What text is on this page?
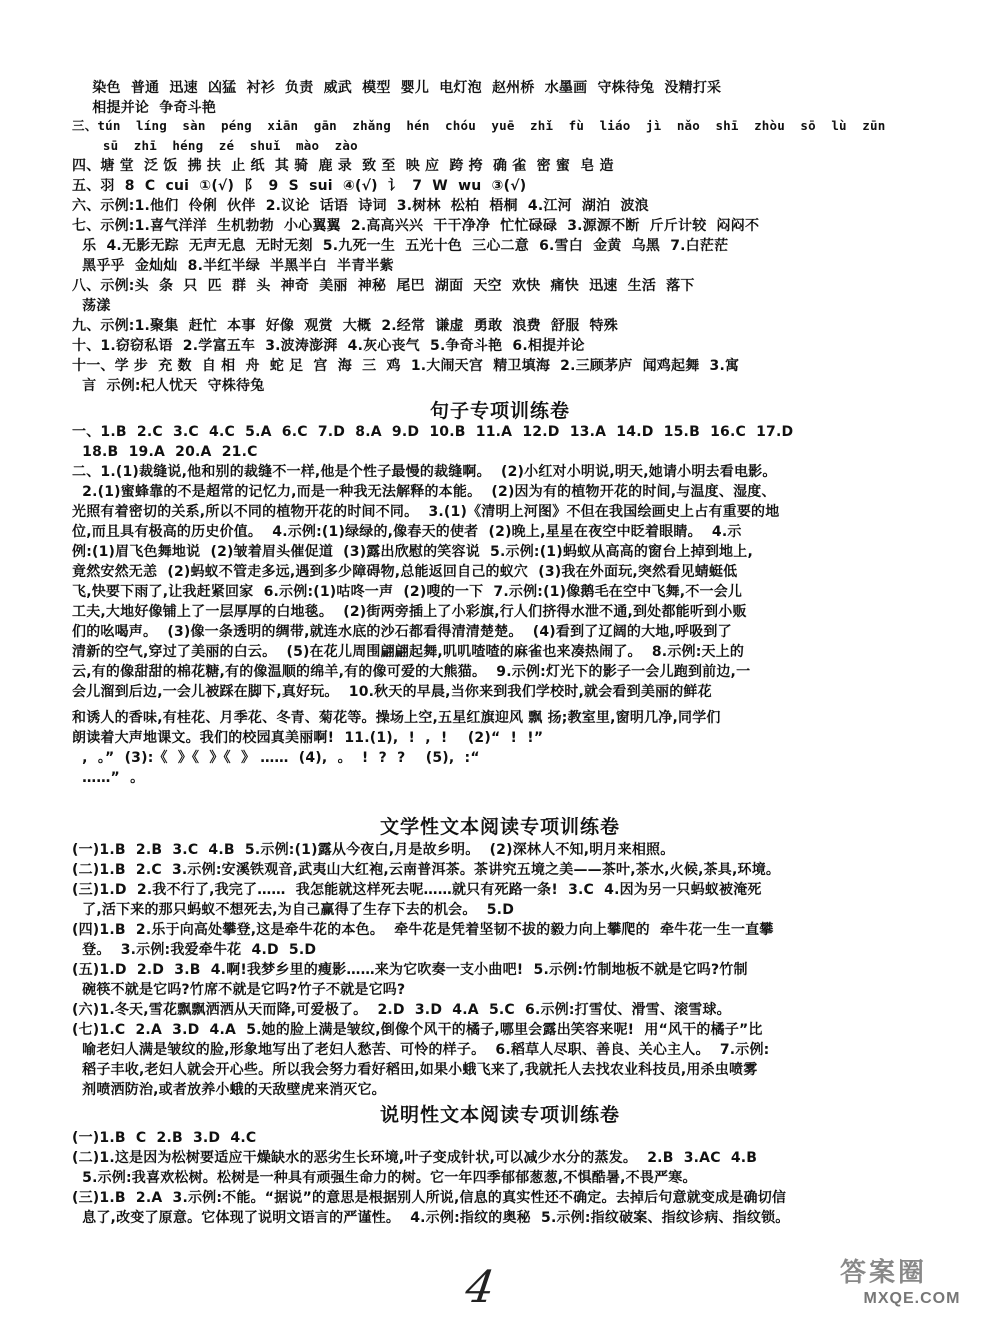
染色  普通  迅速  凶猛  衬衫  负责  威武  模型  婴儿  电灯泡  赵州桥  水墨画  守株待兔  没精打采
相提并论  争奇斗艳
三、tún  líng  sàn  péng  xiān  gān  zhǎng  hén  chóu  yuē  zhǐ  fù  liáo  jì  nǎo  shī  zhòu  sō  lù  zūn
sū  zhī  héng  zé  shuǐ  mào  zào
四、塘 堂  泛 饭  拂 扶  止 纸  其 骑  鹿 录  致 至  映 应  跨 挎  确 雀  密 蜜  皂 造
五、羽  8  C  cui  ①(√)  阝  9  S  sui  ④(√)  讠  7  W  wu  ③(√)
六、示例:1.他们  伶俐  伙伴  2.议论  话语  诗词  3.树林  松柏  梧桐  4.江河  湖泊  波浪
七、示例:1.喜气洋洋  生机勃勃  小心翼翼  2.高高兴兴  干干净净  忙忙碌碌  3.源源不断  斤斤计较  闷闷不
乐  4.无影无踪  无声无息  无时无刻  5.九死一生  五光十色  三心二意  6.雪白  金黄  乌黑  7.白茫茫
黑乎乎  金灿灿  8.半红半绿  半黑半白  半青半紫
八、示例:头  条  只  匹  群  头  神奇  美丽  神秘  尾巴  湖面  天空  欢快  痛快  迅速  生活  落下
荡漾
九、示例:1.聚集  赶忙  本事  好像  观赏  大概  2.经常  谦虚  勇敢  浪费  舒服  特殊
十、1.窃窃私语  2.学富五车  3.波涛澎湃  4.灰心丧气  5.争奇斗艳  6.相提并论
十一、学 步  充 数  自 相  舟  蛇 足  宫  海  三  鸡  1.大闹天宫  精卫填海  2.三顾茅庐  闻鸡起舞  3.寓
言  示例:杞人忧天  守株待兔
一、1.B  2.C  3.C  4.C  5.A  6.C  7.D  8.A  9.D  10.B  11.A  12.D  13.A  14.D  15.B  16.C  17.D
18.B  19.A  20.A  21.C
二、1.(1)裁缝说,他和别的裁缝不一样,他是个性子最慢的裁缝啊。  (2)小红对小明说,明天,她请小明去看电影。
2.(1)蜜蜂靠的不是超常的记忆力,而是一种我无法解释的本能。  (2)因为有的植物开花的时间,与温度、湿度、
光照有着密切的关系,所以不同的植物开花的时间不同。  3.(1)《清明上河图》不但在我国绘画史上占有重要的地
位,而且具有极高的历史价值。  4.示例:(1)绿绿的,像春天的使者  (2)晚上,星星在夜空中眨着眼睛。  4.示
例:(1)眉飞色舞地说  (2)皱着眉头催促道  (3)露出欣慰的笑容说  5.示例:(1)蚂蚁从高高的窗台上掉到地上,
竟然安然无恙  (2)蚂蚁不管走多远,遇到多少障碍物,总能返回自己的蚁穴  (3)我在外面玩,突然看见蜻蜓低
飞,快要下雨了,让我赶紧回家  6.示例:(1)咕咚一声  (2)嗖的一下  7.示例:(1)像鹅毛在空中飞舞,不一会儿
工夫,大地好像铺上了一层厚厚的白地毯。  (2)街两旁插上了小彩旗,行人们挤得水泄不通,到处都能听到小贩
们的吆喝声。  (3)像一条透明的绸带,就连水底的沙石都看得清清楚楚。  (4)看到了辽阔的大地,呼吸到了
清新的空气,穿过了美丽的白云。  (5)在花儿周围翩翩起舞,叽叽喳喳的麻雀也来凑热闹了。  8.示例:天上的
云,有的像甜甜的棉花糖,有的像温顺的绵羊,有的像可爱的大熊猫。  9.示例:灯光下的影子一会儿跑到前边,一
会儿溜到后边,一会儿被踩在脚下,真好玩。  10.秋天的早晨,当你来到我们学校时,就会看到美丽的鲜花
和诱人的香味,有桂花、月季花、冬青、菊花等。操场上空,五星红旗迎风 飘 扬;教室里,窗明几净,同学们
朗读着大声地课文。我们的校园真美丽啊!  11.(1),  !  ,  !    (2)“  !  !”
,  。”  (3):《  》《  》《  》 ……  (4),  。  !  ?  ?    (5),  :“
……”  。
(一)1.B  2.B  3.C  4.B  5.示例:(1)露从今夜白,月是故乡明。  (2)深林人不知,明月来相照。
(二)1.B  2.C  3.示例:安溪铁观音,武夷山大红袍,云南普洱茶。茶讲究五境之美——茶叶,茶水,火候,茶具,环境。
(三)1.D  2.我不行了,我完了……  我怎能就这样死去呢……就只有死路一条!  3.C  4.因为另一只蚂蚁被淹死
了,活下来的那只蚂蚁不想死去,为自己赢得了生存下去的机会。  5.D
(四)1.B  2.乐于向高处攀登,这是牵牛花的本色。  牵牛花是凭着坚韧不拔的毅力向上攀爬的  牵牛花一生一直攀
登。  3.示例:我爱牵牛花  4.D  5.D
(五)1.D  2.D  3.B  4.啊!我梦乡里的瘦影……来为它吹奏一支小曲吧!  5.示例:竹制地板不就是它吗?竹制
碗筷不就是它吗?竹席不就是它吗?竹子不就是它吗?
(六)1.冬天,雪花飘飘洒洒从天而降,可爱极了。  2.D  3.D  4.A  5.C  6.示例:打雪仗、滑雪、滚雪球。
(七)1.C  2.A  3.D  4.A  5.她的脸上满是皱纹,倒像个风干的橘子,哪里会露出笑容来呢!  用“风干的橘子”比
喻老妇人满是皱纹的脸,形象地写出了老妇人愁苦、可怜的样子。  6.稻草人尽职、善良、关心主人。  7.示例:
稻子丰收,老妇人就会开心些。所以我会努力看好稻田,如果小蛾飞来了,我就托人去找农业科技员,用杀虫喷雾
剂喷洒防治,或者放养小蛾的天敌壁虎来消灭它。
(一)1.B  C  2.B  3.D  4.C
(二)1.这是因为松树要适应干燥缺水的恶劣生长环境,叶子变成针状,可以减少水分的蒸发。  2.B  3.AC  4.B
5.示例:我喜欢松树。松树是一种具有顽强生命力的树。它一年四季郁郁葱葱,不惧酷暑,不畏严寒。
(三)1.B  2.A  3.示例:不能。“据说”的意思是根据别人所说,信息的真实性还不确定。去掉后句意就变成是确切信
息了,改变了原意。它体现了说明文语言的严谨性。  4.示例:指纹的奥秘  5.示例:指纹破案、指纹诊病、指纹锁。
句子专项训练卷
文学性文本阅读专项训练卷
说明性文本阅读专项训练卷
4	答案圈
MXQE.COM
